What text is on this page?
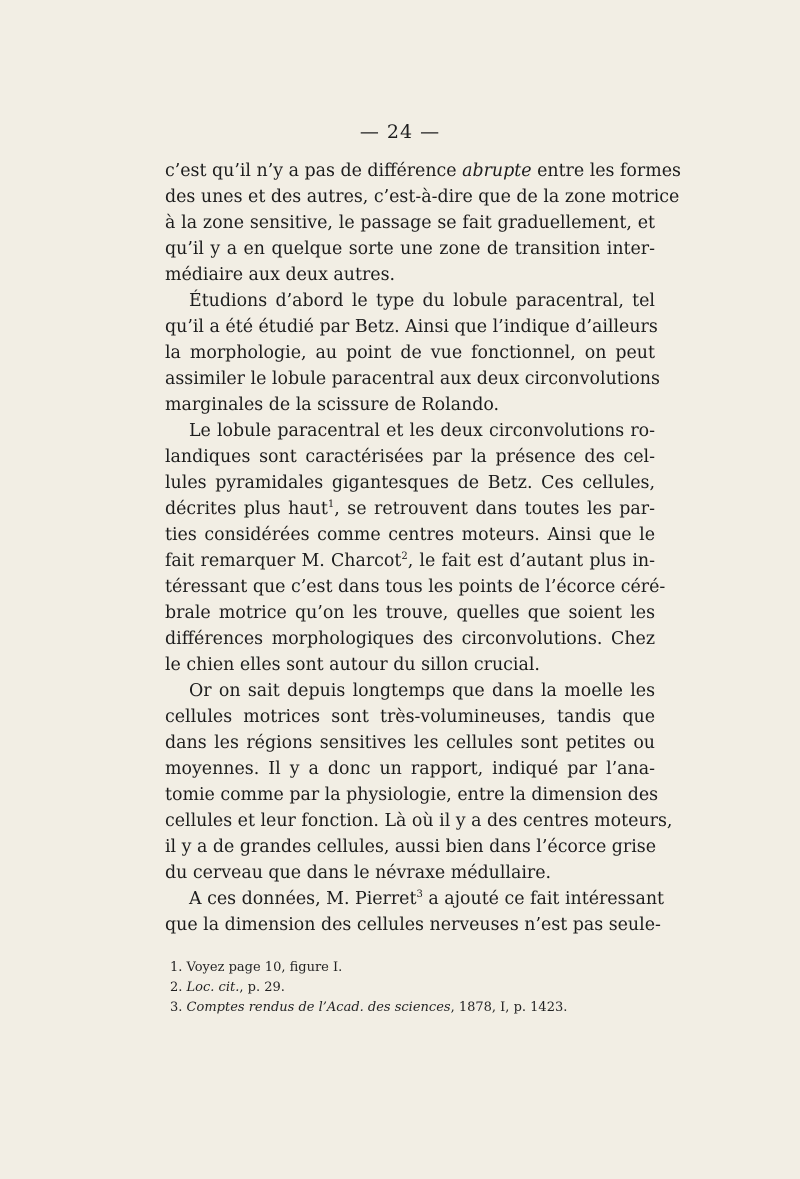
— 24 —
c’est qu’il n’y a pas de différence abrupte entre les formes
des unes et des autres, c’est-à-dire que de la zone motrice
à la zone sensitive, le passage se fait graduellement, et
qu’il y a en quelque sorte une zone de transition inter-
médiaire aux deux autres.
Étudions d’abord le type du lobule paracentral, tel
qu’il a été étudié par Betz. Ainsi que l’indique d’ailleurs
la morphologie, au point de vue fonctionnel, on peut
assimiler le lobule paracentral aux deux circonvolutions
marginales de la scissure de Rolando.
Le lobule paracentral et les deux circonvolutions ro-
landiques sont caractérisées par la présence des cel-
lules pyramidales gigantesques de Betz. Ces cellules,
décrites plus haut$^1$, se retrouvent dans toutes les par-
ties considérées comme centres moteurs. Ainsi que le
fait remarquer M. Charcot$^2$, le fait est d’autant plus in-
téressant que c’est dans tous les points de l’écorce céré-
brale motrice qu’on les trouve, quelles que soient les
différences morphologiques des circonvolutions. Chez
le chien elles sont autour du sillon crucial.
Or on sait depuis longtemps que dans la moelle les
cellules motrices sont très-volumineuses, tandis que
dans les régions sensitives les cellules sont petites ou
moyennes. Il y a donc un rapport, indiqué par l’ana-
tomie comme par la physiologie, entre la dimension des
cellules et leur fonction. Là où il y a des centres moteurs,
il y a de grandes cellules, aussi bien dans l’écorce grise
du cerveau que dans le névraxe médullaire.
A ces données, M. Pierret$^3$ a ajouté ce fait intéressant
que la dimension des cellules nerveuses n’est pas seule-
1. Voyez page 10, figure I.
2. Loc. cit., p. 29.
3. Comptes rendus de l’Acad. des sciences, 1878, I, p. 1423.
